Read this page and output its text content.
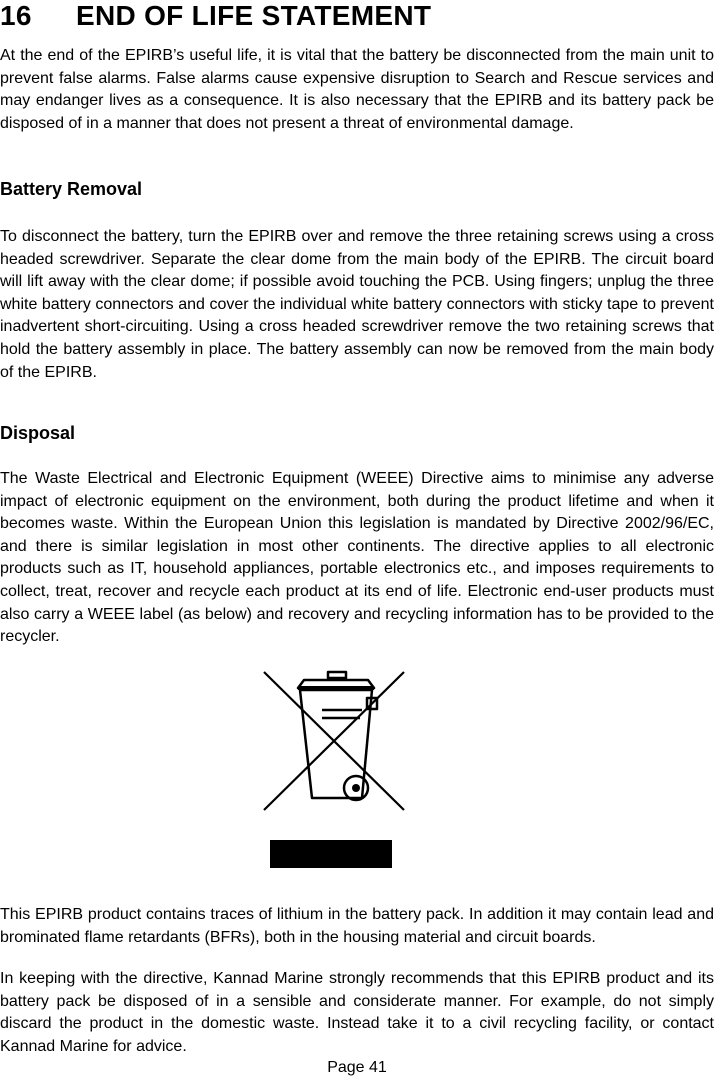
16 END OF LIFE STATEMENT

At the end of the EPIRB’s useful life, it is vital that the battery be disconnected from the main unit to prevent false alarms. False alarms cause expensive disruption to Search and Rescue services and may endanger lives as a consequence. It is also necessary that the EPIRB and its battery pack be disposed of in a manner that does not present a threat of environmental damage.

Battery Removal

To disconnect the battery, turn the EPIRB over and remove the three retaining screws using a cross headed screwdriver. Separate the clear dome from the main body of the EPIRB. The circuit board will lift away with the clear dome; if possible avoid touching the PCB. Using fingers; unplug the three white battery connectors and cover the individual white battery connectors with sticky tape to prevent inadvertent short-circuiting. Using a cross headed screwdriver remove the two retaining screws that hold the battery assembly in place. The battery assembly can now be removed from the main body of the EPIRB.

Disposal

The Waste Electrical and Electronic Equipment (WEEE) Directive aims to minimise any adverse impact of electronic equipment on the environment, both during the product lifetime and when it becomes waste. Within the European Union this legislation is mandated by Directive 2002/96/EC, and there is similar legislation in most other continents. The directive applies to all electronic products such as IT, household appliances, portable electronics etc., and imposes requirements to collect, treat, recover and recycle each product at its end of life. Electronic end-user products must also carry a WEEE label (as below) and recovery and recycling information has to be provided to the recycler.

This EPIRB product contains traces of lithium in the battery pack. In addition it may contain lead and brominated flame retardants (BFRs), both in the housing material and circuit boards.

In keeping with the directive, Kannad Marine strongly recommends that this EPIRB product and its battery pack be disposed of in a sensible and considerate manner. For example, do not simply discard the product in the domestic waste. Instead take it to a civil recycling facility, or contact Kannad Marine for advice.

Page 41
